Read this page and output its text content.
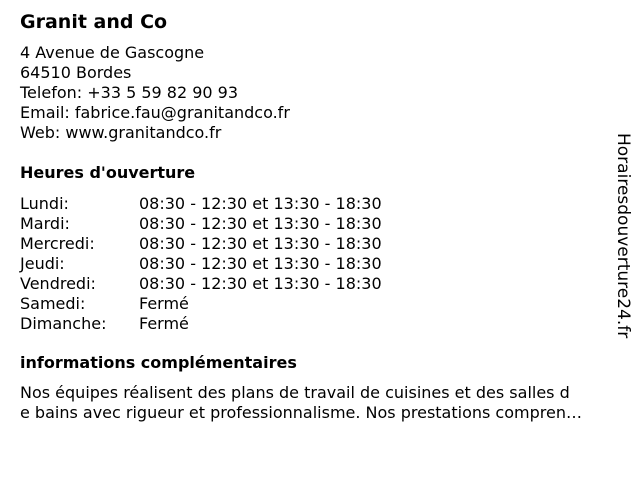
Granit and Co
4 Avenue de Gascogne
64510 Bordes
Telefon: +33 5 59 82 90 93
Email: fabrice.fau@granitandco.fr
Web: www.granitandco.fr
Heures d'ouverture
Lundi:	08:30 - 12:30 et 13:30 - 18:30
Mardi:	08:30 - 12:30 et 13:30 - 18:30
Mercredi:	08:30 - 12:30 et 13:30 - 18:30
Jeudi:	08:30 - 12:30 et 13:30 - 18:30
Vendredi:	08:30 - 12:30 et 13:30 - 18:30
Samedi:	Fermé
Dimanche:	Fermé
informations complémentaires
Nos équipes réalisent des plans de travail de cuisines et des salles d
e bains avec rigueur et professionnalisme. Nos prestations compren…
Horairesdouverture24.fr
